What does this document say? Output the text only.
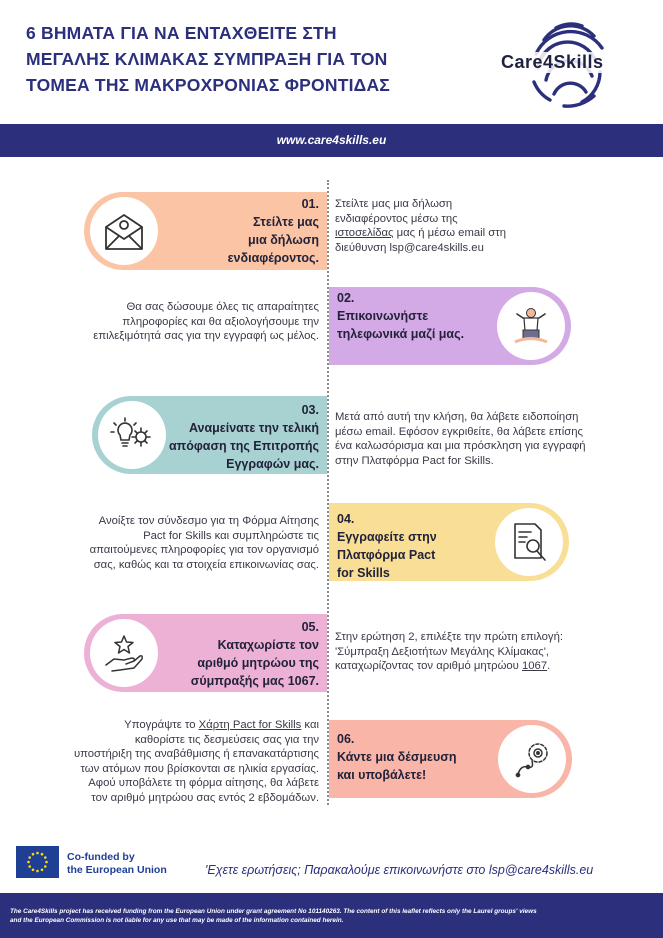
6 ΒΗΜΑΤΑ ΓΙΑ ΝΑ ΕΝΤΑΧΘΕΙΤΕ ΣΤΗ
ΜΕΓΑΛΗΣ ΚΛΙΜΑΚΑΣ ΣΥΜΠΡΑΞΗ ΓΙΑ ΤΟΝ
ΤΟΜΕΑ ΤΗΣ ΜΑΚΡΟΧΡΟΝΙΑΣ ΦΡΟΝΤΙΔΑΣ
Care4Skills
www.care4skills.eu
01.
Στείλτε μας
μια δήλωση
ενδιαφέροντος.
Στείλτε μας μια δήλωση
ενδιαφέροντος μέσω της
ιστοσελίδας μας ή μέσω email στη
διεύθυνση lsp@care4skills.eu
02.
Επικοινωνήστε
τηλεφωνικά μαζί μας.
Θα σας δώσουμε όλες τις απαραίτητες
πληροφορίες και θα αξιολογήσουμε την
επιλεξιμότητά σας για την εγγραφή ως μέλος.
03.
Αναμείνατε την τελική
απόφαση της Επιτροπής
Εγγραφών μας.
Μετά από αυτή την κλήση, θα λάβετε ειδοποίηση
μέσω email. Εφόσον εγκριθείτε, θα λάβετε επίσης
ένα καλωσόρισμα και μια πρόσκληση για εγγραφή
στην Πλατφόρμα Pact for Skills.
04.
Εγγραφείτε στην
Πλατφόρμα Pact
for Skills
Ανοίξτε τον σύνδεσμο για τη Φόρμα Αίτησης
Pact for Skills και συμπληρώστε τις
απαιτούμενες πληροφορίες για τον οργανισμό
σας, καθώς και τα στοιχεία επικοινωνίας σας.
05.
Καταχωρίστε τον
αριθμό μητρώου της
σύμπραξής μας 1067.
Στην ερώτηση 2, επιλέξτε την πρώτη επιλογή:
'Σύμπραξη Δεξιοτήτων Μεγάλης Κλίμακας',
καταχωρίζοντας τον αριθμό μητρώου 1067.
06.
Κάντε μια δέσμευση
και υποβάλετε!
Υπογράψτε το Χάρτη Pact for Skills και
καθορίστε τις δεσμεύσεις σας για την
υποστήριξη της αναβάθμισης ή επανακατάρτισης
των ατόμων που βρίσκονται σε ηλικία εργασίας.
Αφού υποβάλετε τη φόρμα αίτησης, θα λάβετε
τον αριθμό μητρώου σας εντός 2 εβδομάδων.
Co-funded by
the European Union	'Εχετε ερωτήσεις; Παρακαλούμε επικοινωνήστε στο lsp@care4skills.eu
The Care4Skills project has received funding from the European Union under grant agreement No 101140263. The content of this leaflet reflects only the Laurel groups' views
and the European Commission is not liable for any use that may be made of the information contained herein.
